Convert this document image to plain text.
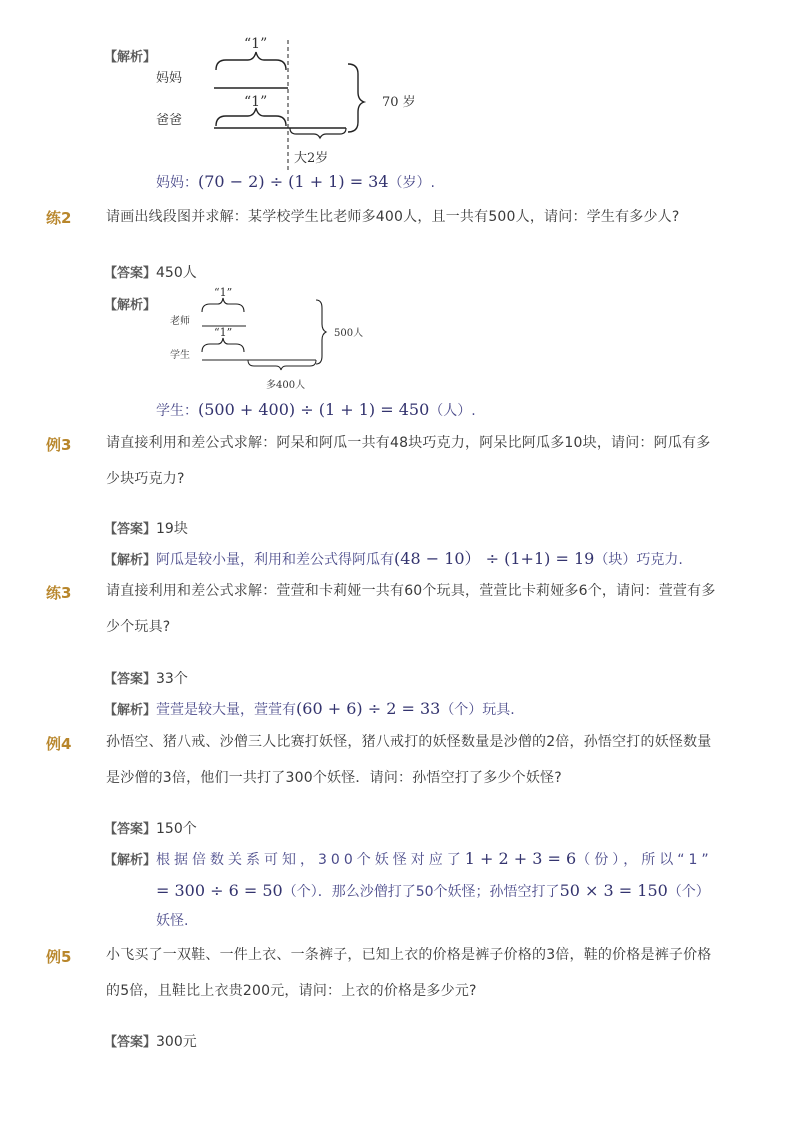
【解析】
“1”
妈妈
“1”
爸爸
大2岁
70 岁
妈妈：(70 − 2) ÷ (1 + 1) = 34（岁）.
练2 请画出线段图并求解：某学校学生比老师多400人，且一共有500人，请问：学生有多少人?
【答案】450人
【解析】
“1”
老师
“1”
学生
多400人
500人
学生：(500 + 400) ÷ (1 + 1) = 450（人）.
例3 请直接利用和差公式求解：阿呆和阿瓜一共有48块巧克力，阿呆比阿瓜多10块，请问：阿瓜有多
少块巧克力?
【答案】19块
【解析】阿瓜是较小量，利用和差公式得阿瓜有(48 − 10） ÷ (1+1) = 19（块）巧克力.
练3 请直接利用和差公式求解：萱萱和卡莉娅一共有60个玩具，萱萱比卡莉娅多6个，请问：萱萱有多
少个玩具?
【答案】33个
【解析】萱萱是较大量，萱萱有(60 + 6) ÷ 2 = 33（个）玩具.
例4 孙悟空、猪八戒、沙僧三人比赛打妖怪，猪八戒打的妖怪数量是沙僧的2倍，孙悟空打的妖怪数量
是沙僧的3倍，他们一共打了300个妖怪．请问：孙悟空打了多少个妖怪?
【答案】150个
【解析】根据倍数关系可知，300个妖怪对应了1 + 2 + 3 = 6（份），所以“1”
= 300 ÷ 6 = 50（个）．那么沙僧打了50个妖怪；孙悟空打了50 × 3 = 150（个）
妖怪.
例5 小飞买了一双鞋、一件上衣、一条裤子，已知上衣的价格是裤子价格的3倍，鞋的价格是裤子价格
的5倍，且鞋比上衣贵200元，请问：上衣的价格是多少元?
【答案】300元
